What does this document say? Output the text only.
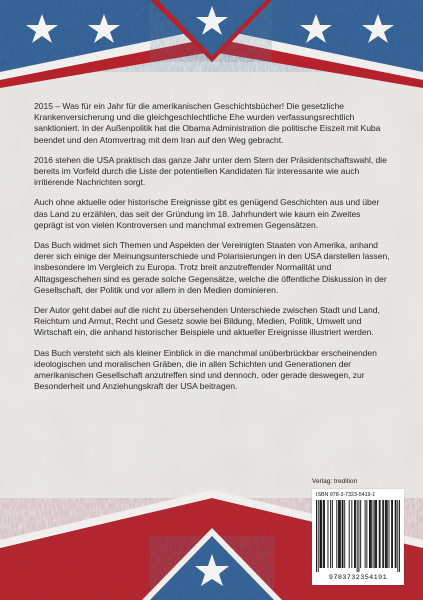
2015 – Was für ein Jahr für die amerikanischen Geschichtsbücher! Die gesetzliche Krankenversicherung und die gleichgeschlechtliche Ehe wurden verfassungsrechtlich sanktioniert. In der Außenpolitik hat die Obama Administration die politische Eiszeit mit Kuba beendet und den Atomvertrag mit dem Iran auf den Weg gebracht.

2016 stehen die USA praktisch das ganze Jahr unter dem Stern der Präsidentschaftswahl, die bereits im Vorfeld durch die Liste der potentiellen Kandidaten für interessante wie auch irritierende Nachrichten sorgt.

Auch ohne aktuelle oder historische Ereignisse gibt es genügend Geschichten aus und über das Land zu erzählen, das seit der Gründung im 18. Jahrhundert wie kaum ein Zweites geprägt ist von vielen Kontroversen und manchmal extremen Gegensätzen.

Das Buch widmet sich Themen und Aspekten der Vereinigten Staaten von Amerika, anhand derer sich einige der Meinungsunterschiede und Polarisierungen in den USA darstellen lassen, insbesondere im Vergleich zu Europa. Trotz breit anzutreffender Normalität und Alltagsgeschehen sind es gerade solche Gegensätze, welche die öffentliche Diskussion in der Gesellschaft, der Politik und vor allem in den Medien dominieren.

Der Autor geht dabei auf die nicht zu übersehenden Unterschiede zwischen Stadt und Land, Reichtum und Armut, Recht und Gesetz sowie bei Bildung, Medien, Politik, Umwelt und Wirtschaft ein, die anhand historischer Beispiele und aktueller Ereignisse illustriert werden.

Das Buch versteht sich als kleiner Einblick in die manchmal unüberbrückbar erscheinenden ideologischen und moralischen Gräben, die in allen Schichten und Generationen der amerikanischen Gesellschaft anzutreffen sind und dennoch, oder gerade deswegen, zur Besonderheit und Anziehungskraft der USA beitragen.

Verlag: tredition
ISBN 978-3-7323-5419-1
9783732354191
